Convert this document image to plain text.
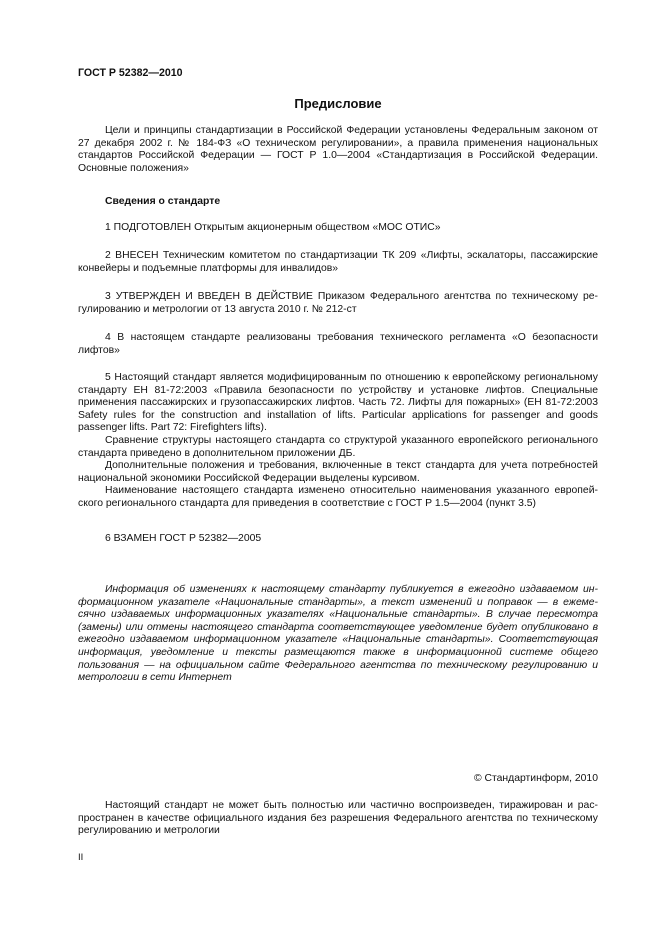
ГОСТ Р 52382—2010
Предисловие

Цели и принципы стандартизации в Российской Федерации установлены Федеральным законом от 27 декабря 2002 г. № 184-ФЗ «О техническом регулировании», а правила применения национальных стандартов Российской Федерации — ГОСТ Р 1.0—2004 «Стандартизация в Российской Федерации. Основные положения»

Сведения о стандарте

1 ПОДГОТОВЛЕН Открытым акционерным обществом «МОС ОТИС»

2 ВНЕСЕН Техническим комитетом по стандартизации ТК 209 «Лифты, эскалаторы, пассажирские конвейеры и подъемные платформы для инвалидов»

3 УТВЕРЖДЕН И ВВЕДЕН В ДЕЙСТВИЕ Приказом Федерального агентства по техническому регулированию и метрологии от 13 августа 2010 г. № 212-ст

4 В настоящем стандарте реализованы требования технического регламента «О безопасности лифтов»

5 Настоящий стандарт является модифицированным по отношению к европейскому региональному стандарту ЕН 81-72:2003 «Правила безопасности по устройству и установке лифтов. Специальные применения пассажирских и грузопассажирских лифтов. Часть 72. Лифты для пожарных» (EH 81-72:2003 Safety rules for the construction and installation of lifts. Particular applications for passenger and goods passenger lifts. Part 72: Firefighters lifts).

Сравнение структуры настоящего стандарта со структурой указанного европейского регионального стандарта приведено в дополнительном приложении ДБ.

Дополнительные положения и требования, включенные в текст стандарта для учета потребностей национальной экономики Российской Федерации выделены курсивом.

Наименование настоящего стандарта изменено относительно наименования указанного европейского регионального стандарта для приведения в соответствие с ГОСТ Р 1.5—2004 (пункт 3.5)

6 ВЗАМЕН ГОСТ Р 52382—2005

Информация об изменениях к настоящему стандарту публикуется в ежегодно издаваемом информационном указателе «Национальные стандарты», а текст изменений и поправок — в ежемесячно издаваемых информационных указателях «Национальные стандарты». В случае пересмотра (замены) или отмены настоящего стандарта соответствующее уведомление будет опубликовано в ежегодно издаваемом информационном указателе «Национальные стандарты». Соответствующая информация, уведомление и тексты размещаются также в информационной системе общего пользования — на официальном сайте Федерального агентства по техническому регулированию и метрологии в сети Интернет

© Стандартинформ, 2010

Настоящий стандарт не может быть полностью или частично воспроизведен, тиражирован и распространен в качестве официального издания без разрешения Федерального агентства по техническому регулированию и метрологии

II
